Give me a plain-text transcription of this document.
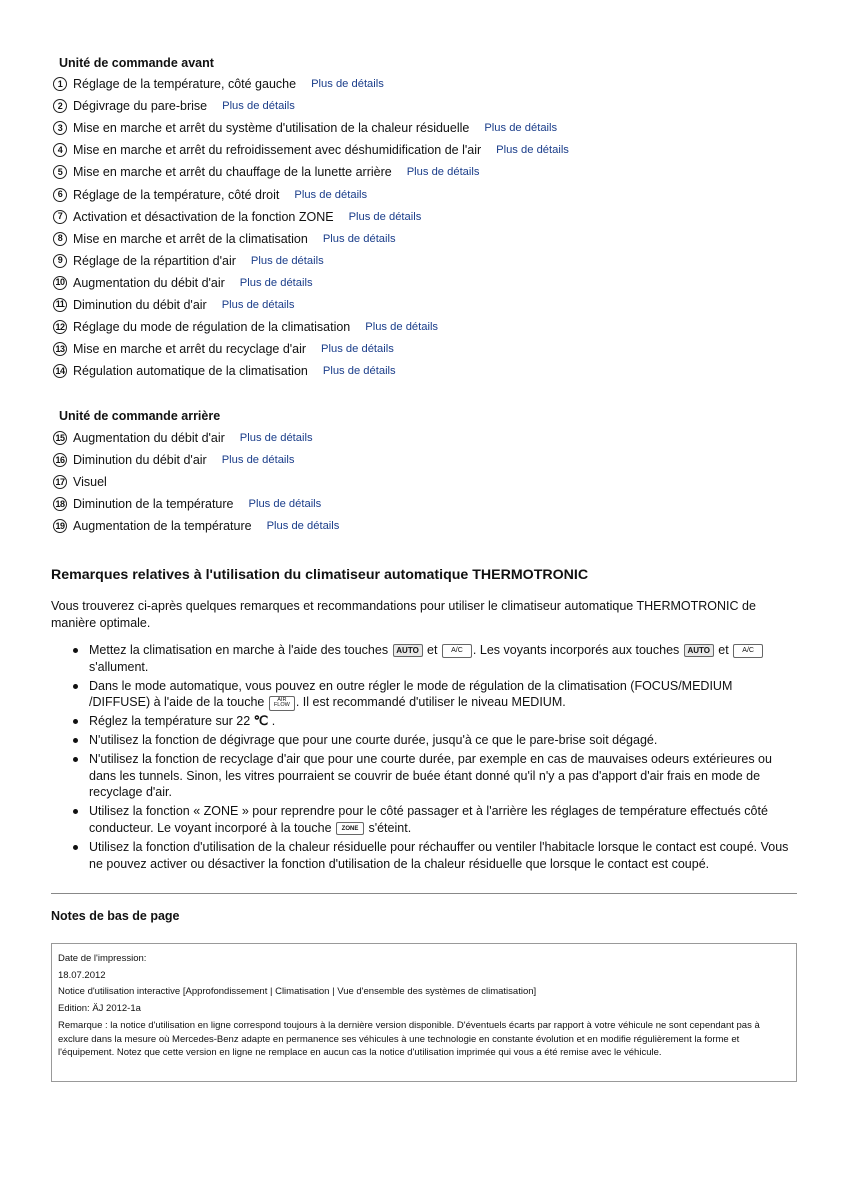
Unité de commande avant
1 Réglage de la température, côté gauche Plus de détails
2 Dégivrage du pare-brise Plus de détails
3 Mise en marche et arrêt du système d'utilisation de la chaleur résiduelle Plus de détails
4 Mise en marche et arrêt du refroidissement avec déshumidification de l'air Plus de détails
5 Mise en marche et arrêt du chauffage de la lunette arrière Plus de détails
6 Réglage de la température, côté droit Plus de détails
7 Activation et désactivation de la fonction ZONE Plus de détails
8 Mise en marche et arrêt de la climatisation Plus de détails
9 Réglage de la répartition d'air Plus de détails
10 Augmentation du débit d'air Plus de détails
11 Diminution du débit d'air Plus de détails
12 Réglage du mode de régulation de la climatisation Plus de détails
13 Mise en marche et arrêt du recyclage d'air Plus de détails
14 Régulation automatique de la climatisation Plus de détails
Unité de commande arrière
15 Augmentation du débit d'air Plus de détails
16 Diminution du débit d'air Plus de détails
17 Visuel
18 Diminution de la température Plus de détails
19 Augmentation de la température Plus de détails
Remarques relatives à l'utilisation du climatiseur automatique THERMOTRONIC
Vous trouverez ci-après quelques remarques et recommandations pour utiliser le climatiseur automatique THERMOTRONIC de manière optimale.
Mettez la climatisation en marche à l'aide des touches AUTO et A/C . Les voyants incorporés aux touches AUTO et A/C s'allument.
Dans le mode automatique, vous pouvez en outre régler le mode de régulation de la climatisation (FOCUS/MEDIUM /DIFFUSE) à l'aide de la touche AIR
FLOW . Il est recommandé d'utiliser le niveau MEDIUM.
Réglez la température sur 22 ℃ .
N'utilisez la fonction de dégivrage que pour une courte durée, jusqu'à ce que le pare-brise soit dégagé.
N'utilisez la fonction de recyclage d'air que pour une courte durée, par exemple en cas de mauvaises odeurs extérieures ou dans les tunnels. Sinon, les vitres pourraient se couvrir de buée étant donné qu'il n'y a pas d'apport d'air frais en mode de recyclage d'air.
Utilisez la fonction « ZONE » pour reprendre pour le côté passager et à l'arrière les réglages de température effectués côté conducteur. Le voyant incorporé à la touche ZONE s'éteint.
Utilisez la fonction d'utilisation de la chaleur résiduelle pour réchauffer ou ventiler l'habitacle lorsque le contact est coupé. Vous ne pouvez activer ou désactiver la fonction d'utilisation de la chaleur résiduelle que lorsque le contact est coupé.
Notes de bas de page
Date de l'impression:
18.07.2012
Notice d'utilisation interactive [Approfondissement | Climatisation | Vue d'ensemble des systèmes de climatisation]
Edition: ÄJ 2012-1a
Remarque : la notice d'utilisation en ligne correspond toujours à la dernière version disponible. D'éventuels écarts par rapport à votre véhicule ne sont cependant pas à exclure dans la mesure où Mercedes-Benz adapte en permanence ses véhicules à une technologie en constante évolution et en modifie régulièrement la forme et l'équipement. Notez que cette version en ligne ne remplace en aucun cas la notice d'utilisation imprimée qui vous a été remise avec le véhicule.
